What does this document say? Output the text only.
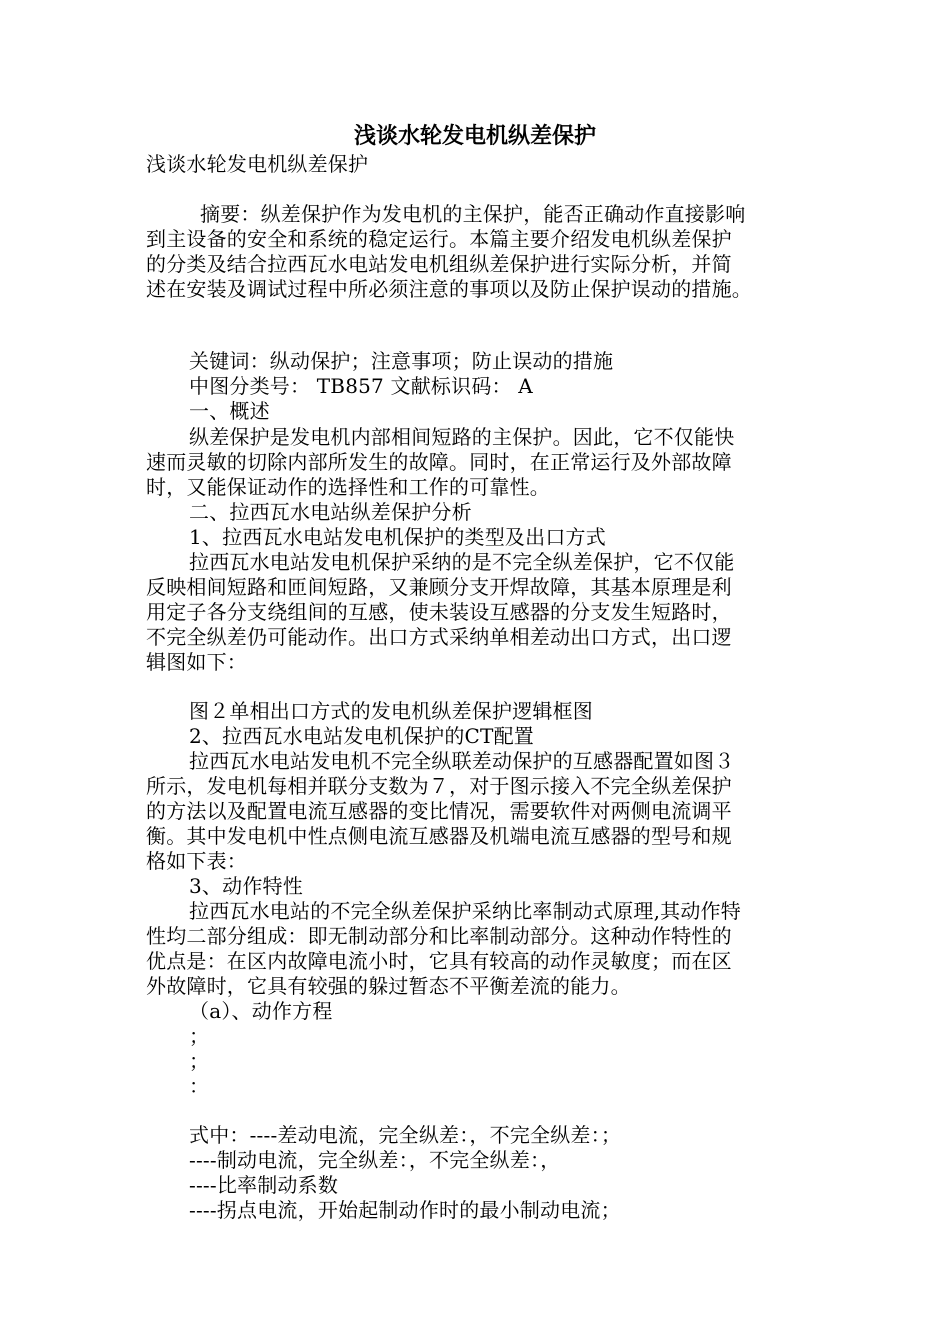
浅谈水轮发电机纵差保护
浅谈水轮发电机纵差保护
摘要：纵差保护作为发电机的主保护，能否正确动作直接影响
到主设备的安全和系统的稳定运行。本篇主要介绍发电机纵差保护
的分类及结合拉西瓦水电站发电机组纵差保护进行实际分析，并简
述在安装及调试过程中所必须注意的事项以及防止保护误动的措施。
关键词：纵动保护；注意事项；防止误动的措施
中图分类号： TB857 文献标识码： A
一、概述
纵差保护是发电机内部相间短路的主保护。因此，它不仅能快
速而灵敏的切除内部所发生的故障。同时，在正常运行及外部故障
时，又能保证动作的选择性和工作的可靠性。
二、拉西瓦水电站纵差保护分析
1、拉西瓦水电站发电机保护的类型及出口方式
拉西瓦水电站发电机保护采纳的是不完全纵差保护，它不仅能
反映相间短路和匝间短路，又兼顾分支开焊故障，其基本原理是利
用定子各分支绕组间的互感，使未装设互感器的分支发生短路时，
不完全纵差仍可能动作。出口方式采纳单相差动出口方式，出口逻
辑图如下：
图２单相出口方式的发电机纵差保护逻辑框图
2、拉西瓦水电站发电机保护的CT配置
拉西瓦水电站发电机不完全纵联差动保护的互感器配置如图３
所示，发电机每相并联分支数为７，对于图示接入不完全纵差保护
的方法以及配置电流互感器的变比情况，需要软件对两侧电流调平
衡。其中发电机中性点侧电流互感器及机端电流互感器的型号和规
格如下表：
3、动作特性
拉西瓦水电站的不完全纵差保护采纳比率制动式原理,其动作特
性均二部分组成：即无制动部分和比率制动部分。这种动作特性的
优点是：在区内故障电流小时，它具有较高的动作灵敏度；而在区
外故障时，它具有较强的躲过暂态不平衡差流的能力。
（a）、动作方程
；
；
：
式中：----差动电流，完全纵差：，不完全纵差：；
----制动电流，完全纵差：，不完全纵差：，
----比率制动系数
----拐点电流，开始起制动作时的最小制动电流；
